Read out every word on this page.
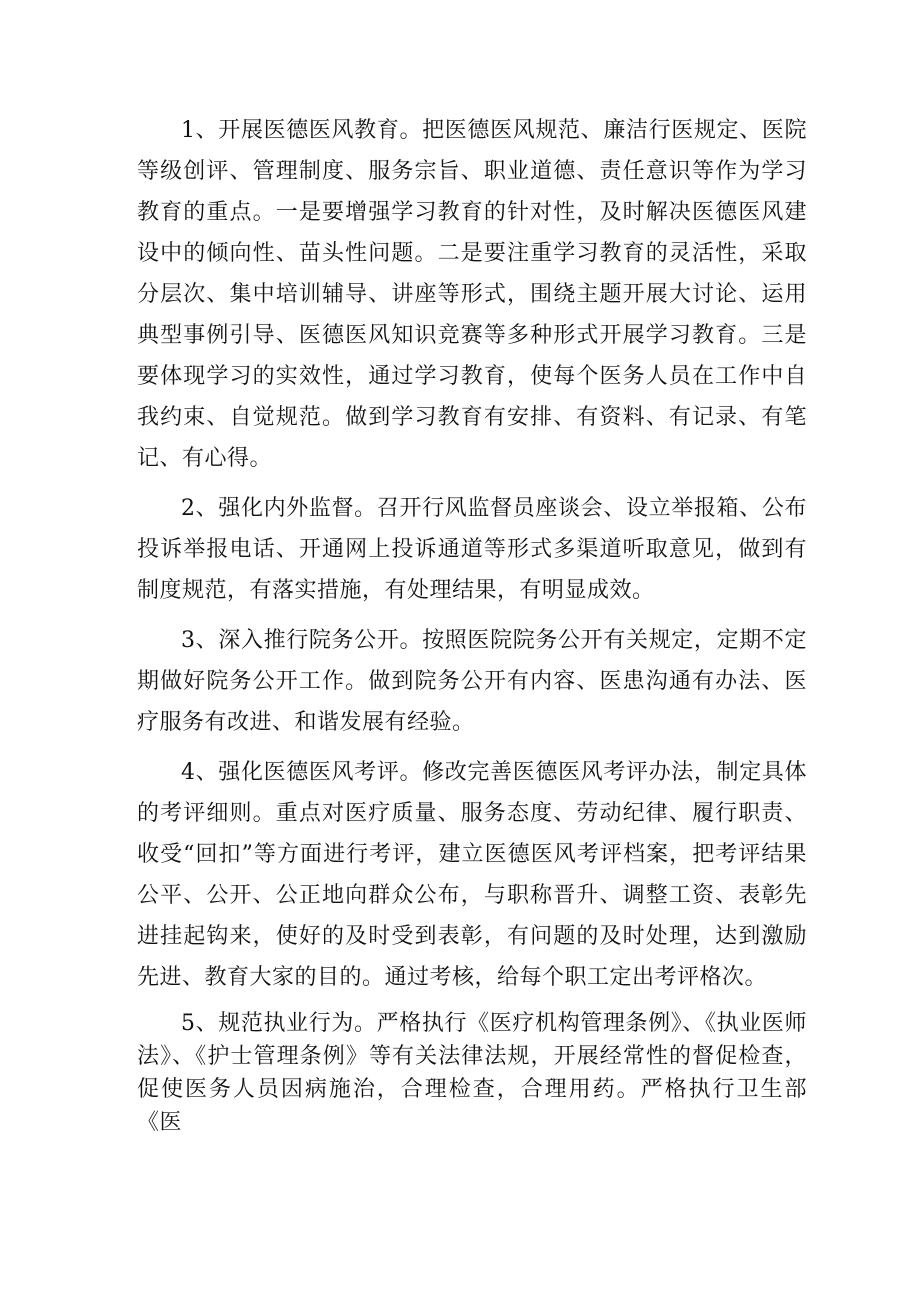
1、开展医德医风教育。把医德医风规范、廉洁行医规定、医院等级创评、管理制度、服务宗旨、职业道德、责任意识等作为学习教育的重点。一是要增强学习教育的针对性，及时解决医德医风建设中的倾向性、苗头性问题。二是要注重学习教育的灵活性，采取分层次、集中培训辅导、讲座等形式，围绕主题开展大讨论、运用典型事例引导、医德医风知识竞赛等多种形式开展学习教育。三是要体现学习的实效性，通过学习教育，使每个医务人员在工作中自我约束、自觉规范。做到学习教育有安排、有资料、有记录、有笔记、有心得。

2、强化内外监督。召开行风监督员座谈会、设立举报箱、公布投诉举报电话、开通网上投诉通道等形式多渠道听取意见，做到有制度规范，有落实措施，有处理结果，有明显成效。

3、深入推行院务公开。按照医院院务公开有关规定，定期不定期做好院务公开工作。做到院务公开有内容、医患沟通有办法、医疗服务有改进、和谐发展有经验。

4、强化医德医风考评。修改完善医德医风考评办法，制定具体的考评细则。重点对医疗质量、服务态度、劳动纪律、履行职责、收受“回扣”等方面进行考评，建立医德医风考评档案，把考评结果公平、公开、公正地向群众公布，与职称晋升、调整工资、表彰先进挂起钩来，使好的及时受到表彰，有问题的及时处理，达到激励先进、教育大家的目的。通过考核，给每个职工定出考评格次。

5、规范执业行为。严格执行《医疗机构管理条例》、《执业医师法》、《护士管理条例》等有关法律法规，开展经常性的督促检查，促使医务人员因病施治，合理检查，合理用药。严格执行卫生部《医
